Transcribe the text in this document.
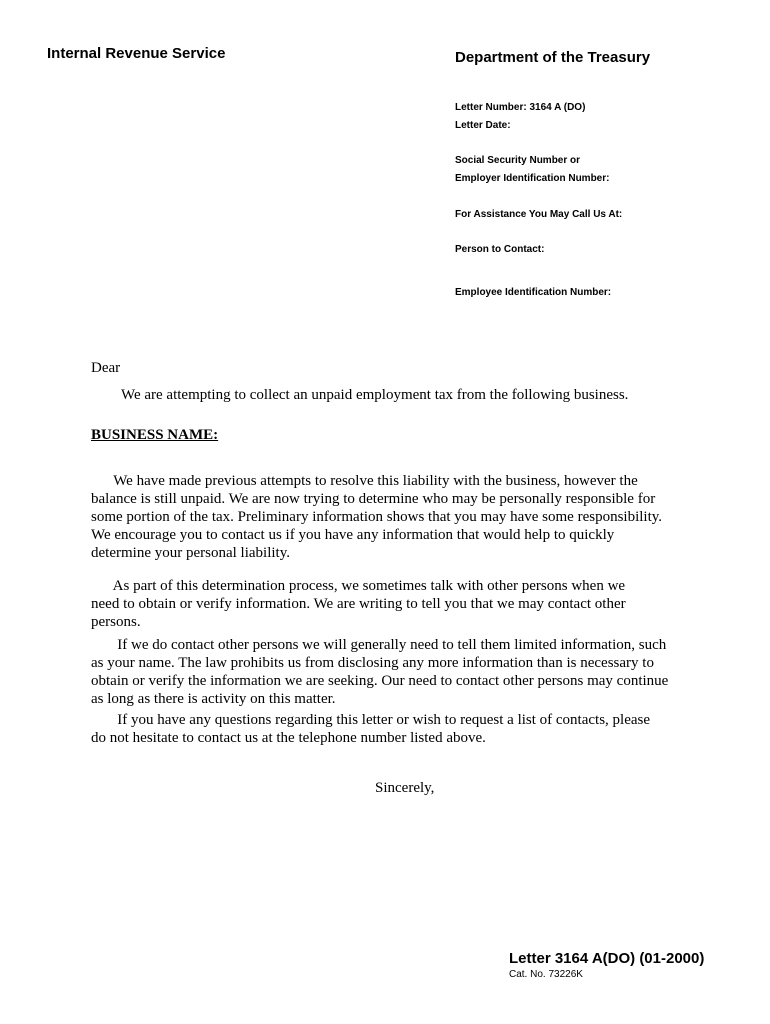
Internal Revenue Service	Department of the Treasury
Letter Number: 3164 A (DO)
Letter Date:
Social Security Number or
Employer Identification Number:
For Assistance You May Call Us At:
Person to Contact:
Employee Identification Number:
Dear
We are attempting to collect an unpaid employment tax from the following business.
BUSINESS NAME:
We have made previous attempts to resolve this liability with the business, however the
balance is still unpaid. We are now trying to determine who may be personally responsible for
some portion of the tax. Preliminary information shows that you may have some responsibility.
We encourage you to contact us if you have any information that would help to quickly
determine your personal liability.
As part of this determination process, we sometimes talk with other persons when we
need to obtain or verify information. We are writing to tell you that we may contact other
persons.
If we do contact other persons we will generally need to tell them limited information, such
as your name. The law prohibits us from disclosing any more information than is necessary to
obtain or verify the information we are seeking. Our need to contact other persons may continue
as long as there is activity on this matter.
If you have any questions regarding this letter or wish to request a list of contacts, please
do not hesitate to contact us at the telephone number listed above.
Sincerely,
Letter 3164 A(DO) (01-2000)
Cat. No. 73226K
